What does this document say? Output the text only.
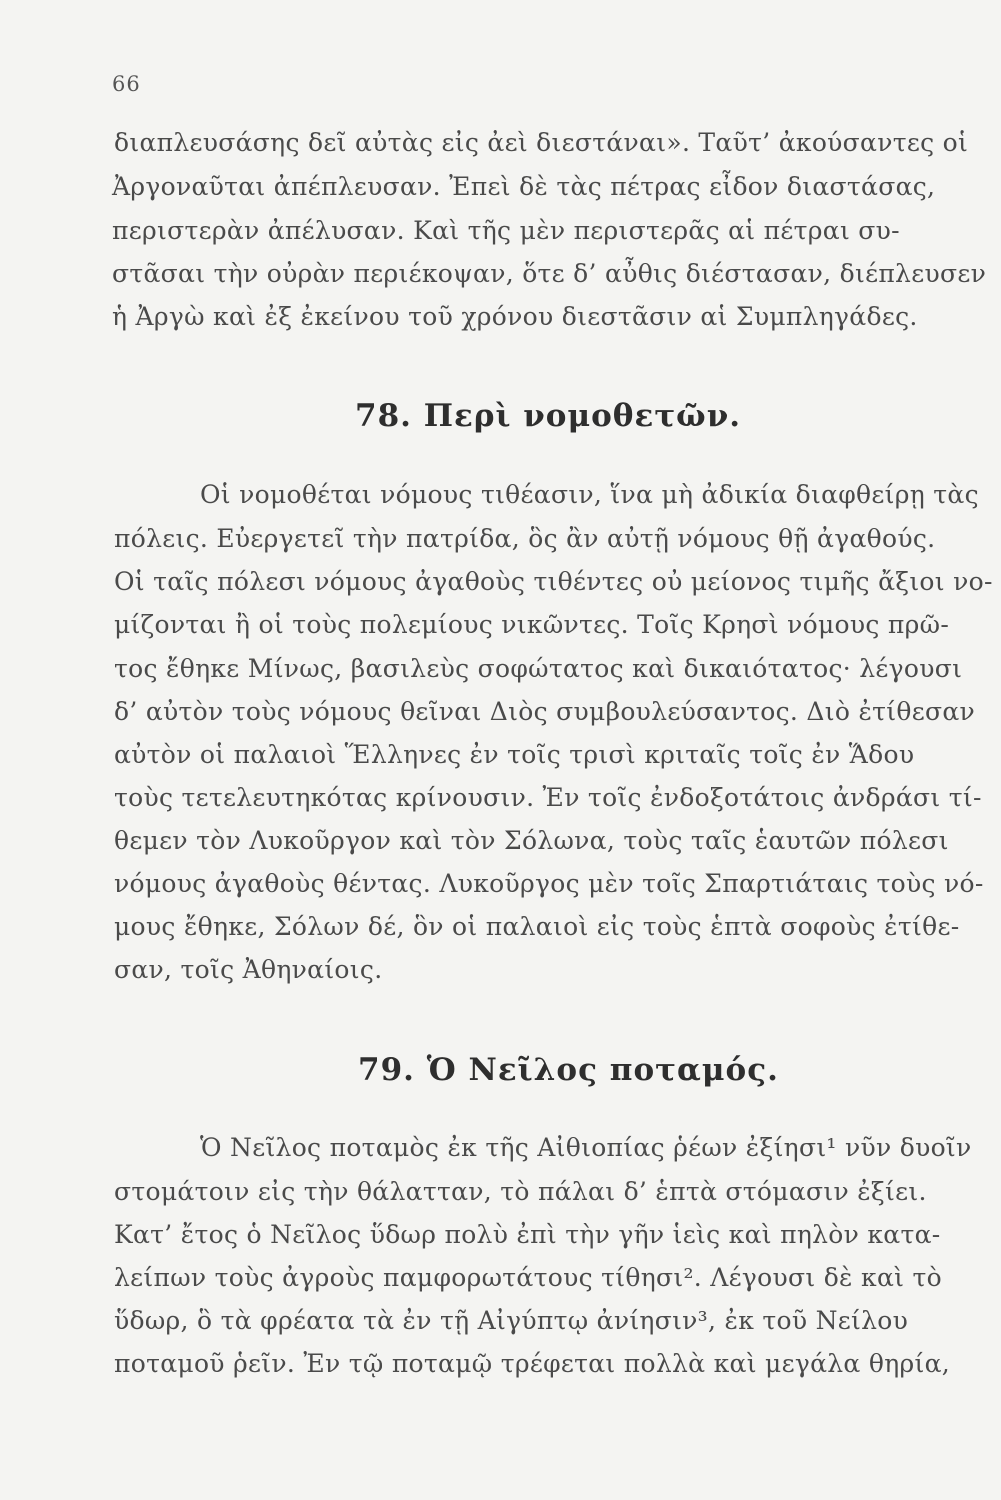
66
διαπλευσάσης δεῖ αὐτὰς εἰς ἀεὶ διεστάναι». Ταῦτ’ ἀκούσαντες οἱ
Ἀργοναῦται ἀπέπλευσαν. Ἐπεὶ δὲ τὰς πέτρας εἶδον διαστάσας,
περιστερὰν ἀπέλυσαν. Καὶ τῆς μὲν περιστερᾶς αἱ πέτραι συ-
στᾶσαι τὴν οὐρὰν περιέκοψαν, ὅτε δ’ αὖθις διέστασαν, διέπλευσεν
ἡ Ἀργὼ καὶ ἐξ ἐκείνου τοῦ χρόνου διεστᾶσιν αἱ Συμπληγάδες.
78. Περὶ νομοθετῶν.
Οἱ νομοθέται νόμους τιθέασιν, ἵνα μὴ ἀδικία διαφθείρῃ τὰς
πόλεις. Εὐεργετεῖ τὴν πατρίδα, ὃς ἂν αὐτῇ νόμους θῇ ἀγαθούς.
Οἱ ταῖς πόλεσι νόμους ἀγαθοὺς τιθέντες οὐ μείονος τιμῆς ἄξιοι νο-
μίζονται ἢ οἱ τοὺς πολεμίους νικῶντες. Τοῖς Κρησὶ νόμους πρῶ-
τος ἔθηκε Μίνως, βασιλεὺς σοφώτατος καὶ δικαιότατος· λέγουσι
δ’ αὐτὸν τοὺς νόμους θεῖναι Διὸς συμβουλεύσαντος. Διὸ ἐτίθεσαν
αὐτὸν οἱ παλαιοὶ Ἕλληνες ἐν τοῖς τρισὶ κριταῖς τοῖς ἐν Ἅδου
τοὺς τετελευτηκότας κρίνουσιν. Ἐν τοῖς ἐνδοξοτάτοις ἀνδράσι τί-
θεμεν τὸν Λυκοῦργον καὶ τὸν Σόλωνα, τοὺς ταῖς ἑαυτῶν πόλεσι
νόμους ἀγαθοὺς θέντας. Λυκοῦργος μὲν τοῖς Σπαρτιάταις τοὺς νό-
μους ἔθηκε, Σόλων δέ, ὃν οἱ παλαιοὶ εἰς τοὺς ἑπτὰ σοφοὺς ἐτίθε-
σαν, τοῖς Ἀθηναίοις.
79. Ὁ Νεῖλος ποταμός.
Ὁ Νεῖλος ποταμὸς ἐκ τῆς Αἰθιοπίας ῥέων ἐξίησι¹ νῦν δυοῖν
στομάτοιν εἰς τὴν θάλατταν, τὸ πάλαι δ’ ἑπτὰ στόμασιν ἐξίει.
Κατ’ ἔτος ὁ Νεῖλος ὕδωρ πολὺ ἐπὶ τὴν γῆν ἱεὶς καὶ πηλὸν κατα-
λείπων τοὺς ἀγροὺς παμφορωτάτους τίθησι². Λέγουσι δὲ καὶ τὸ
ὕδωρ, ὃ τὰ φρέατα τὰ ἐν τῇ Αἰγύπτῳ ἀνίησιν³, ἐκ τοῦ Νείλου
ποταμοῦ ῥεῖν. Ἐν τῷ ποταμῷ τρέφεται πολλὰ καὶ μεγάλα θηρία,
